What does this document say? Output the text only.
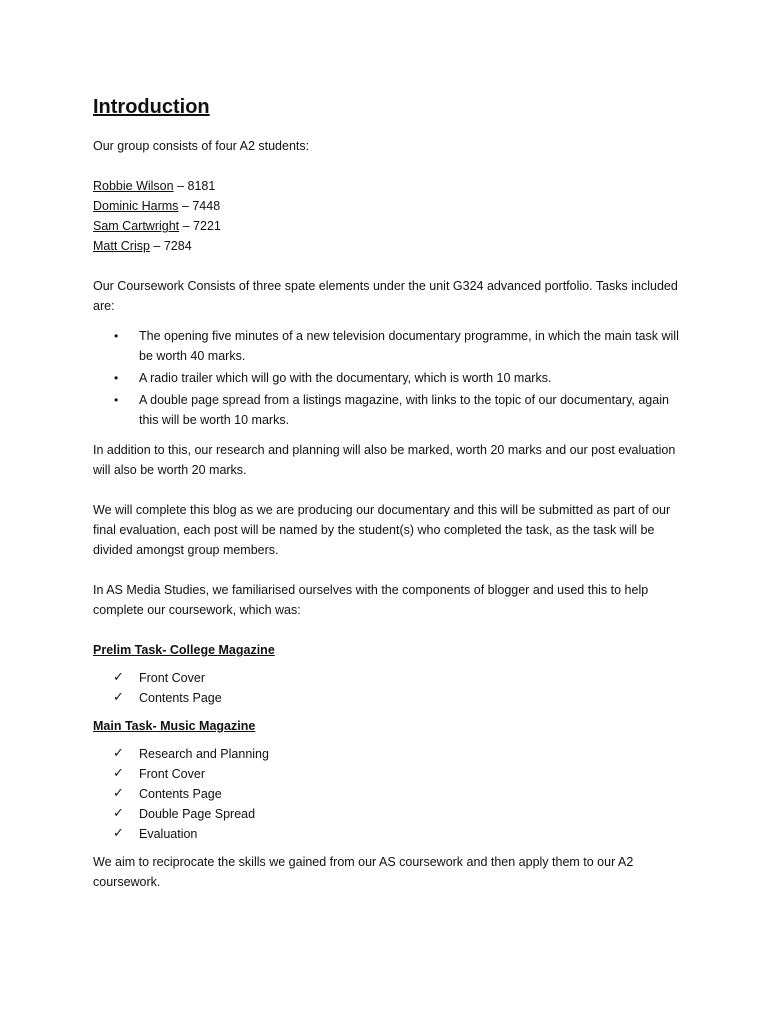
Introduction

Our group consists of four A2 students:

Robbie Wilson – 8181
Dominic Harms – 7448
Sam Cartwright – 7221
Matt Crisp – 7284

Our Coursework Consists of three spate elements under the unit G324 advanced portfolio. Tasks included are:

• The opening five minutes of a new television documentary programme, in which the main task will be worth 40 marks.
• A radio trailer which will go with the documentary, which is worth 10 marks.
• A double page spread from a listings magazine, with links to the topic of our documentary, again this will be worth 10 marks.

In addition to this, our research and planning will also be marked, worth 20 marks and our post evaluation will also be worth 20 marks.

We will complete this blog as we are producing our documentary and this will be submitted as part of our final evaluation, each post will be named by the student(s) who completed the task, as the task will be divided amongst group members.

In AS Media Studies, we familiarised ourselves with the components of blogger and used this to help complete our coursework, which was:

Prelim Task- College Magazine

✓ Front Cover
✓ Contents Page

Main Task- Music Magazine

✓ Research and Planning
✓ Front Cover
✓ Contents Page
✓ Double Page Spread
✓ Evaluation

We aim to reciprocate the skills we gained from our AS coursework and then apply them to our A2 coursework.
